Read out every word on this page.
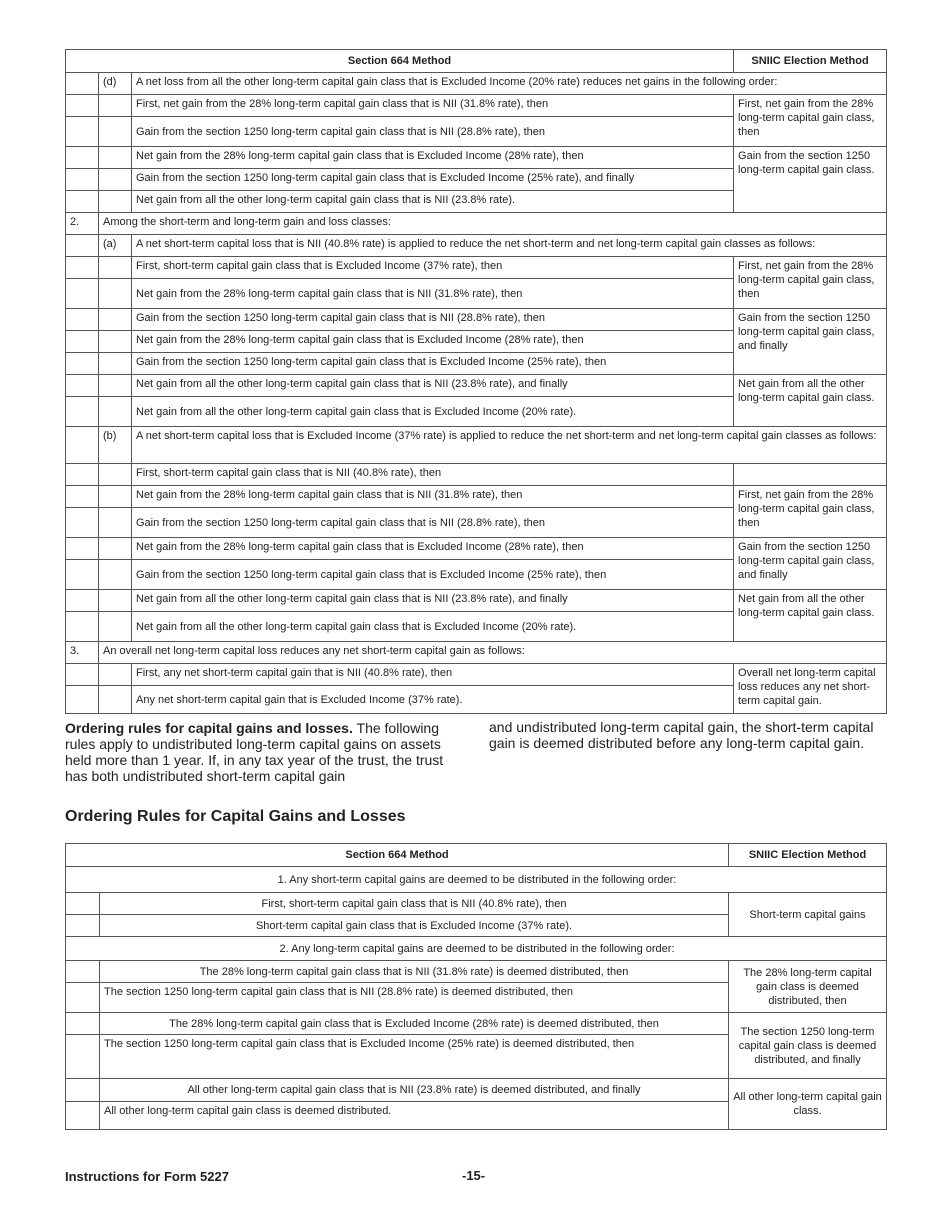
Section 664 Method			SNIIC Election Method
	(d)	A net loss from all the other long-term capital gain class that is Excluded Income (20% rate) reduces net gains in the following order:	
		First, net gain from the 28% long-term capital gain class that is NII (31.8% rate), then	First, net gain from the 28% long-term capital gain class, then
		Gain from the section 1250 long-term capital gain class that is NII (28.8% rate), then	
		Net gain from the 28% long-term capital gain class that is Excluded Income (28% rate), then	Gain from the section 1250 long-term capital gain class.
		Gain from the section 1250 long-term capital gain class that is Excluded Income (25% rate), and finally	
		Net gain from all the other long-term capital gain class that is NII (23.8% rate).	
2.	Among the short-term and long-term gain and loss classes:		
	(a)	A net short-term capital loss that is NII (40.8% rate) is applied to reduce the net short-term and net long-term capital gain classes as follows:	
		First, short-term capital gain class that is Excluded Income (37% rate), then	First, net gain from the 28% long-term capital gain class, then
		Net gain from the 28% long-term capital gain class that is NII (31.8% rate), then	
		Gain from the section 1250 long-term capital gain class that is NII (28.8% rate), then	Gain from the section 1250 long-term capital gain class, and finally
		Net gain from the 28% long-term capital gain class that is Excluded Income (28% rate), then	
		Gain from the section 1250 long-term capital gain class that is Excluded Income (25% rate), then	
		Net gain from all the other long-term capital gain class that is NII (23.8% rate), and finally	Net gain from all the other long-term capital gain class.
		Net gain from all the other long-term capital gain class that is Excluded Income (20% rate).	
	(b)	A net short-term capital loss that is Excluded Income (37% rate) is applied to reduce the net short-term and net long-term capital gain classes as follows:	
		First, short-term capital gain class that is NII (40.8% rate), then	
		Net gain from the 28% long-term capital gain class that is NII (31.8% rate), then	First, net gain from the 28% long-term capital gain class, then
		Gain from the section 1250 long-term capital gain class that is NII (28.8% rate), then	
		Net gain from the 28% long-term capital gain class that is Excluded Income (28% rate), then	Gain from the section 1250 long-term capital gain class, and finally
		Gain from the section 1250 long-term capital gain class that is Excluded Income (25% rate), then	
		Net gain from all the other long-term capital gain class that is NII (23.8% rate), and finally	Net gain from all the other long-term capital gain class.
		Net gain from all the other long-term capital gain class that is Excluded Income (20% rate).	
3.	An overall net long-term capital loss reduces any net short-term capital gain as follows:		
		First, any net short-term capital gain that is NII (40.8% rate), then	Overall net long-term capital loss reduces any net short-term capital gain.
		Any net short-term capital gain that is Excluded Income (37% rate).	
Ordering rules for capital gains and losses. The following rules apply to undistributed long-term capital gains on assets held more than 1 year. If, in any tax year of the trust, the trust has both undistributed short-term capital gain
and undistributed long-term capital gain, the short-term capital gain is deemed distributed before any long-term capital gain.
Ordering Rules for Capital Gains and Losses
Section 664 Method		SNIIC Election Method
1. Any short-term capital gains are deemed to be distributed in the following order:		
	First, short-term capital gain class that is NII (40.8% rate), then	Short-term capital gains
	Short-term capital gain class that is Excluded Income (37% rate).	
2. Any long-term capital gains are deemed to be distributed in the following order:		
	The 28% long-term capital gain class that is NII (31.8% rate) is deemed distributed, then	The 28% long-term capital gain class is deemed distributed, then
	The section 1250 long-term capital gain class that is NII (28.8% rate) is deemed distributed, then	
	The 28% long-term capital gain class that is Excluded Income (28% rate) is deemed distributed, then	The section 1250 long-term capital gain class is deemed distributed, and finally
	The section 1250 long-term capital gain class that is Excluded Income (25% rate) is deemed distributed, then	
	All other long-term capital gain class that is NII (23.8% rate) is deemed distributed, and finally	All other long-term capital gain class.
	All other long-term capital gain class is deemed distributed.	
Instructions for Form 5227	-15-
